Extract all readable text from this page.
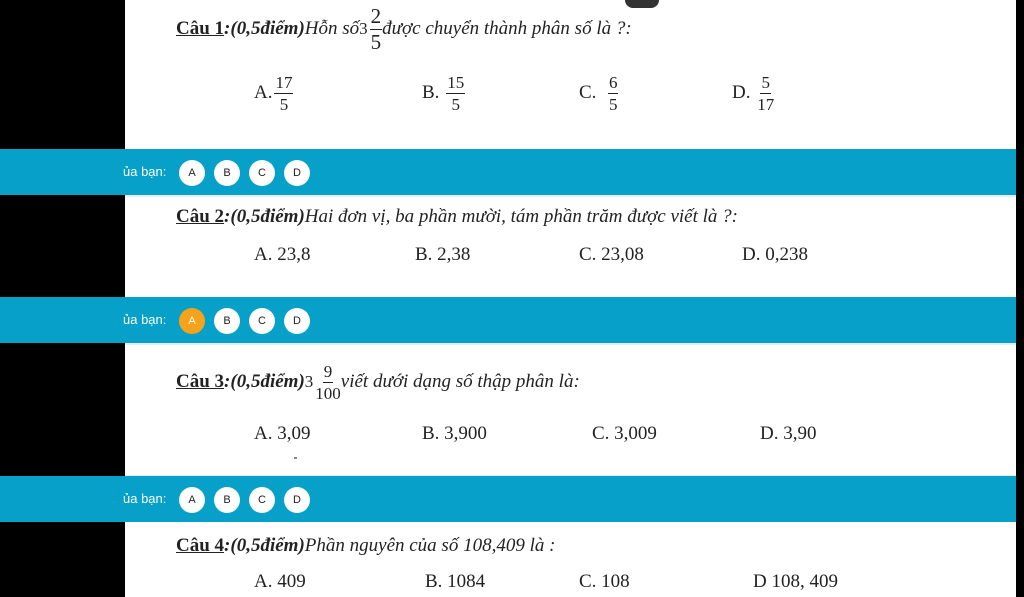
Câu 1 :(0,5điểm) Hỗn số $3 \frac{2}{5}$ được chuyển thành phân số là ?:
A. $\frac{17}{5}$	B.
$\frac{15}{5}$	C.
$\frac{6}{5}$	D.
$\frac{5}{17}$
Câu 2:(0,5điểm)Hai đơn vị, ba phần mười, tám phần trăm được viết là ?:
A. 23,8	B. 2,38	C. 23,08	D. 0,238
Câu 3 :(0,5điểm) $3 \frac{9}{100}$ viết dưới dạng số thập phân là:
A. 3,09	B. 3,900	C. 3,009	D. 3,90
Câu 4:(0,5điểm)Phần nguyên của số 108,409 là :
A. 409	B. 1084	C. 108	D 108, 409
ủa bạn:	A	B	C	D
ủa bạn:	A	B	C	D
ủa bạn:	A	B	C	D
